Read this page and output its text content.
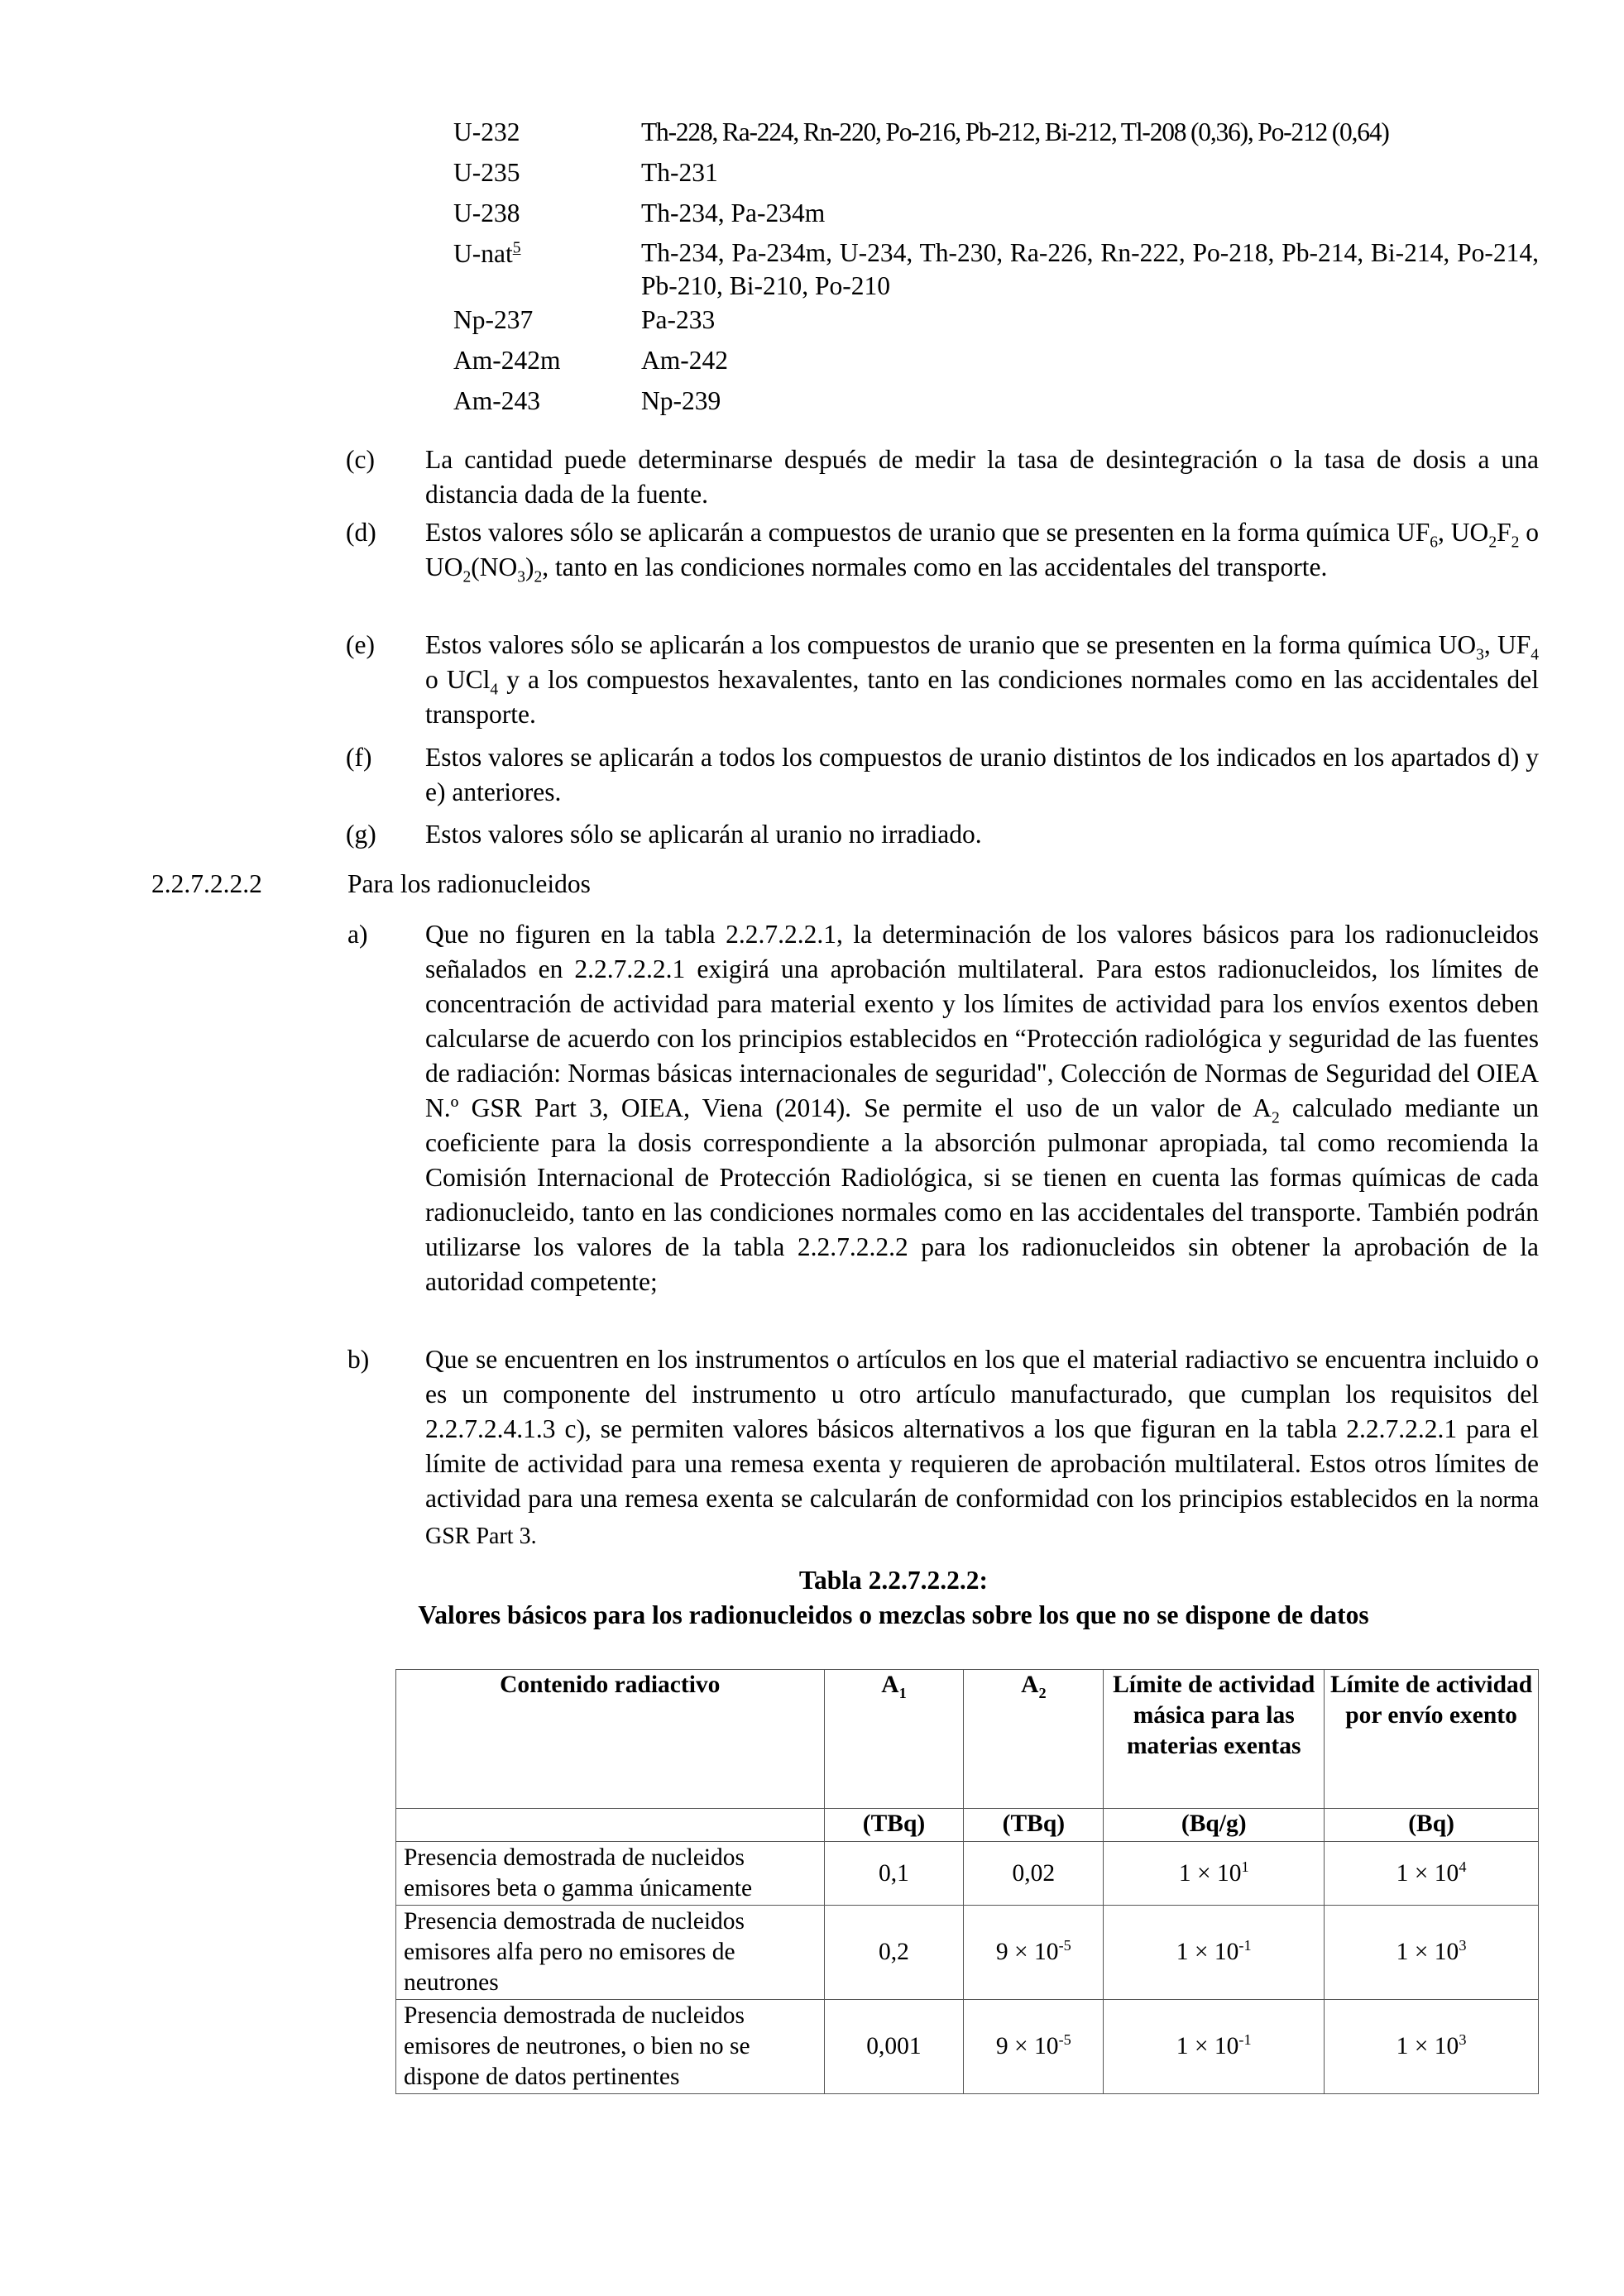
U-232	Th-228, Ra-224, Rn-220, Po-216, Pb-212, Bi-212, Tl-208 (0,36), Po-212 (0,64)
U-235	Th-231
U-238	Th-234, Pa-234m
U-nat$^5$	Th-234, Pa-234m, U-234, Th-230, Ra-226, Rn-222, Po-218, Pb-214, Bi-214, Po-214, Pb-210, Bi-210, Po-210
Np-237	Pa-233
Am-242m	Am-242
Am-243	Np-239
(c)	La cantidad puede determinarse después de medir la tasa de desintegración o la tasa de dosis a una distancia dada de la fuente.
(d)	Estos valores sólo se aplicarán a compuestos de uranio que se presenten en la forma química $UF_6$, $UO_2F_2$ o $UO_2(NO_3)_2$, tanto en las condiciones normales como en las accidentales del transporte.
(e)	Estos valores sólo se aplicarán a los compuestos de uranio que se presenten en la forma química $UO_3$, $UF_4$ o UCl$_4$ y a los compuestos hexavalentes, tanto en las condiciones normales como en las accidentales del transporte.
(f)	Estos valores se aplicarán a todos los compuestos de uranio distintos de los indicados en los apartados d) y e) anteriores.
(g)	Estos valores sólo se aplicarán al uranio no irradiado.
2.2.7.2.2.2	Para los radionucleidos
a)	Que no figuren en la tabla 2.2.7.2.2.1, la determinación de los valores básicos para los radionucleidos señalados en 2.2.7.2.2.1 exigirá una aprobación multilateral. Para estos radionucleidos, los límites de concentración de actividad para material exento y los límites de actividad para los envíos exentos deben calcularse de acuerdo con los principios establecidos en “Protección radiológica y seguridad de las fuentes de radiación: Normas básicas internacionales de seguridad", Colección de Normas de Seguridad del OIEA N.º GSR Part 3, OIEA, Viena (2014). Se permite el uso de un valor de $A_2$ calculado mediante un coeficiente para la dosis correspondiente a la absorción pulmonar apropiada, tal como recomienda la Comisión Internacional de Protección Radiológica, si se tienen en cuenta las formas químicas de cada radionucleido, tanto en las condiciones normales como en las accidentales del transporte. También podrán utilizarse los valores de la tabla 2.2.7.2.2.2 para los radionucleidos sin obtener la aprobación de la autoridad competente;
b)	Que se encuentren en los instrumentos o artículos en los que el material radiactivo se encuentra incluido o es un componente del instrumento u otro artículo manufacturado, que cumplan los requisitos del 2.2.7.2.4.1.3 c), se permiten valores básicos alternativos a los que figuran en la tabla 2.2.7.2.2.1 para el límite de actividad para una remesa exenta y requieren de aprobación multilateral. Estos otros límites de actividad para una remesa exenta se calcularán de conformidad con los principios establecidos en la norma GSR Part 3.
Tabla 2.2.7.2.2.2:
Valores básicos para los radionucleidos o mezclas sobre los que no se dispone de datos
Contenido radiactivo	$A_1$	$A_2$	Límite de actividad másica para las materias exentas	Límite de actividad por envío exento
	(TBq)	(TBq)	(Bq/g)	(Bq)
Presencia demostrada de nucleidos emisores beta o gamma únicamente	0,1	0,02	$1 \times 10^1$	$1 \times 10^4$
Presencia demostrada de nucleidos emisores alfa pero no emisores de neutrones	0,2	$9 \times 10^{-5}$	$1 \times 10^{-1}$	$1 \times 10^3$
Presencia demostrada de nucleidos emisores de neutrones, o bien no se dispone de datos pertinentes	0,001	$9 \times 10^{-5}$	$1 \times 10^{-1}$	$1 \times 10^3$
